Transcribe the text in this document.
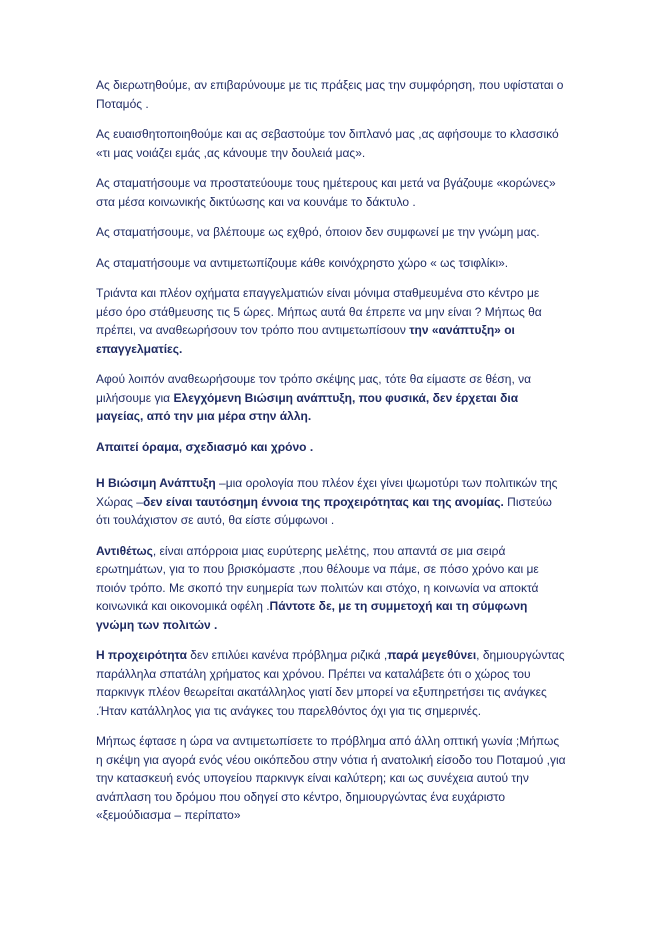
Ας διερωτηθούμε, αν επιβαρύνουμε με τις πράξεις μας την συμφόρηση, που υφίσταται ο Ποταμός .

Ας ευαισθητοποιηθούμε και ας σεβαστούμε τον διπλανό μας ,ας αφήσουμε το κλασσικό «τι μας νοιάζει εμάς ,ας κάνουμε την δουλειά μας».

Ας σταματήσουμε να προστατεύουμε τους ημέτερους και μετά να βγάζουμε «κορώνες» στα μέσα κοινωνικής δικτύωσης και να κουνάμε το δάκτυλο .

Ας σταματήσουμε, να βλέπουμε ως εχθρό, όποιον δεν συμφωνεί με την γνώμη μας.

Ας σταματήσουμε να αντιμετωπίζουμε κάθε κοινόχρηστο χώρο « ως τσιφλίκι».

Τριάντα και πλέον οχήματα επαγγελματιών είναι μόνιμα σταθμευμένα στο κέντρο με μέσο όρο στάθμευσης τις 5 ώρες. Μήπως αυτά θα έπρεπε να μην είναι ? Μήπως θα πρέπει, να αναθεωρήσουν τον τρόπο που αντιμετωπίσουν την «ανάπτυξη» οι επαγγελματίες.

Αφού λοιπόν αναθεωρήσουμε τον τρόπο σκέψης μας, τότε θα είμαστε σε θέση, να μιλήσουμε για Ελεγχόμενη Βιώσιμη ανάπτυξη, που φυσικά, δεν έρχεται δια μαγείας, από την μια μέρα στην άλλη.

Απαιτεί όραμα, σχεδιασμό και χρόνο .

Η Βιώσιμη Ανάπτυξη –μια ορολογία που πλέον έχει γίνει ψωμοτύρι των πολιτικών της Χώρας –δεν είναι ταυτόσημη έννοια της προχειρότητας και της ανομίας. Πιστεύω ότι τουλάχιστον σε αυτό, θα είστε σύμφωνοι .

Αντιθέτως, είναι απόρροια μιας ευρύτερης μελέτης, που απαντά σε μια σειρά ερωτημάτων, για το που βρισκόμαστε ,που θέλουμε να πάμε, σε πόσο χρόνο και με ποιόν τρόπο. Με σκοπό την ευημερία των πολιτών και στόχο, η κοινωνία να αποκτά κοινωνικά και οικονομικά οφέλη .Πάντοτε δε, με τη συμμετοχή και τη σύμφωνη γνώμη των πολιτών .

Η προχειρότητα δεν επιλύει κανένα πρόβλημα ριζικά ,παρά μεγεθύνει, δημιουργώντας παράλληλα σπατάλη χρήματος και χρόνου. Πρέπει να καταλάβετε ότι ο χώρος του παρκινγκ πλέον θεωρείται ακατάλληλος γιατί δεν μπορεί να εξυπηρετήσει τις ανάγκες .Ήταν κατάλληλος για τις ανάγκες του παρελθόντος όχι για τις σημερινές.

Μήπως έφτασε η ώρα να αντιμετωπίσετε το πρόβλημα από άλλη οπτική γωνία ;Μήπως η σκέψη για αγορά ενός νέου οικόπεδου στην νότια ή ανατολική είσοδο του Ποταμού ,για την κατασκευή ενός υπογείου παρκινγκ είναι καλύτερη; και ως συνέχεια αυτού την ανάπλαση του δρόμου που οδηγεί στο κέντρο, δημιουργώντας ένα ευχάριστο «ξεμούδιασμα – περίπατο»
